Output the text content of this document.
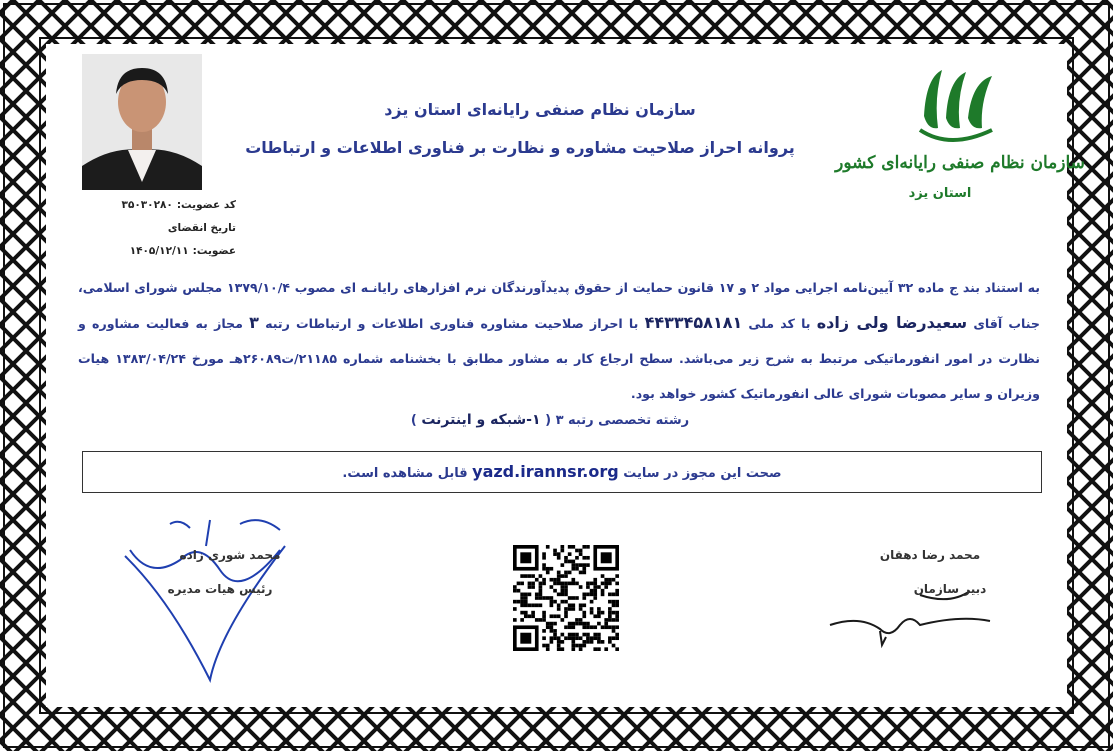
سازمان نظام صنفی رایانه‌ای استان یزد
پروانه احراز صلاحیت مشاوره و نظارت بر فناوری اطلاعات و ارتباطات
کد عضویت:۳۵۰۳۰۲۸۰
تاریخ انقضای عضویت:۱۴۰۵/۱۲/۱۱
سازمان نظام صنفی رایانه‌ای کشور
استان یزد
به استناد بند ج ماده ۳۲ آیین‌نامه اجرایی مواد ۲ و ۱۷ قانون حمایت از حقوق پدیدآورندگان نرم افزارهای رایانـه ای مصوب ۱۳۷۹/۱۰/۴ مجلس شورای اسلامی، جناب آقای سعیدرضا ولی زاده با کد ملی ۴۴۳۳۴۵۸۱۸۱ با احراز صلاحیت مشاوره فناوری اطلاعات و ارتباطات رتبه ۳ مجاز به فعالیت مشاوره و نظارت در امور انفورماتیکی مرتبط به شرح زیر می‌باشد. سطح ارجاع کار به مشاور مطابق با بخشنامه شماره ۲۱۱۸۵/ت۲۶۰۸۹هـ مورخ ۱۳۸۳/۰۴/۲۴ هیات وزیران و سایر مصوبات شورای عالی انفورماتیک کشور خواهد بود.
رشته تخصصی رتبه ۳ ( ۱-شبکه و اینترنت )
صحت این مجوز در سایت yazd.irannsr.org قابل مشاهده است.
محمد شوری زاده
رئیس هیات مدیره
محمد رضا دهقان
دبیر سازمان
